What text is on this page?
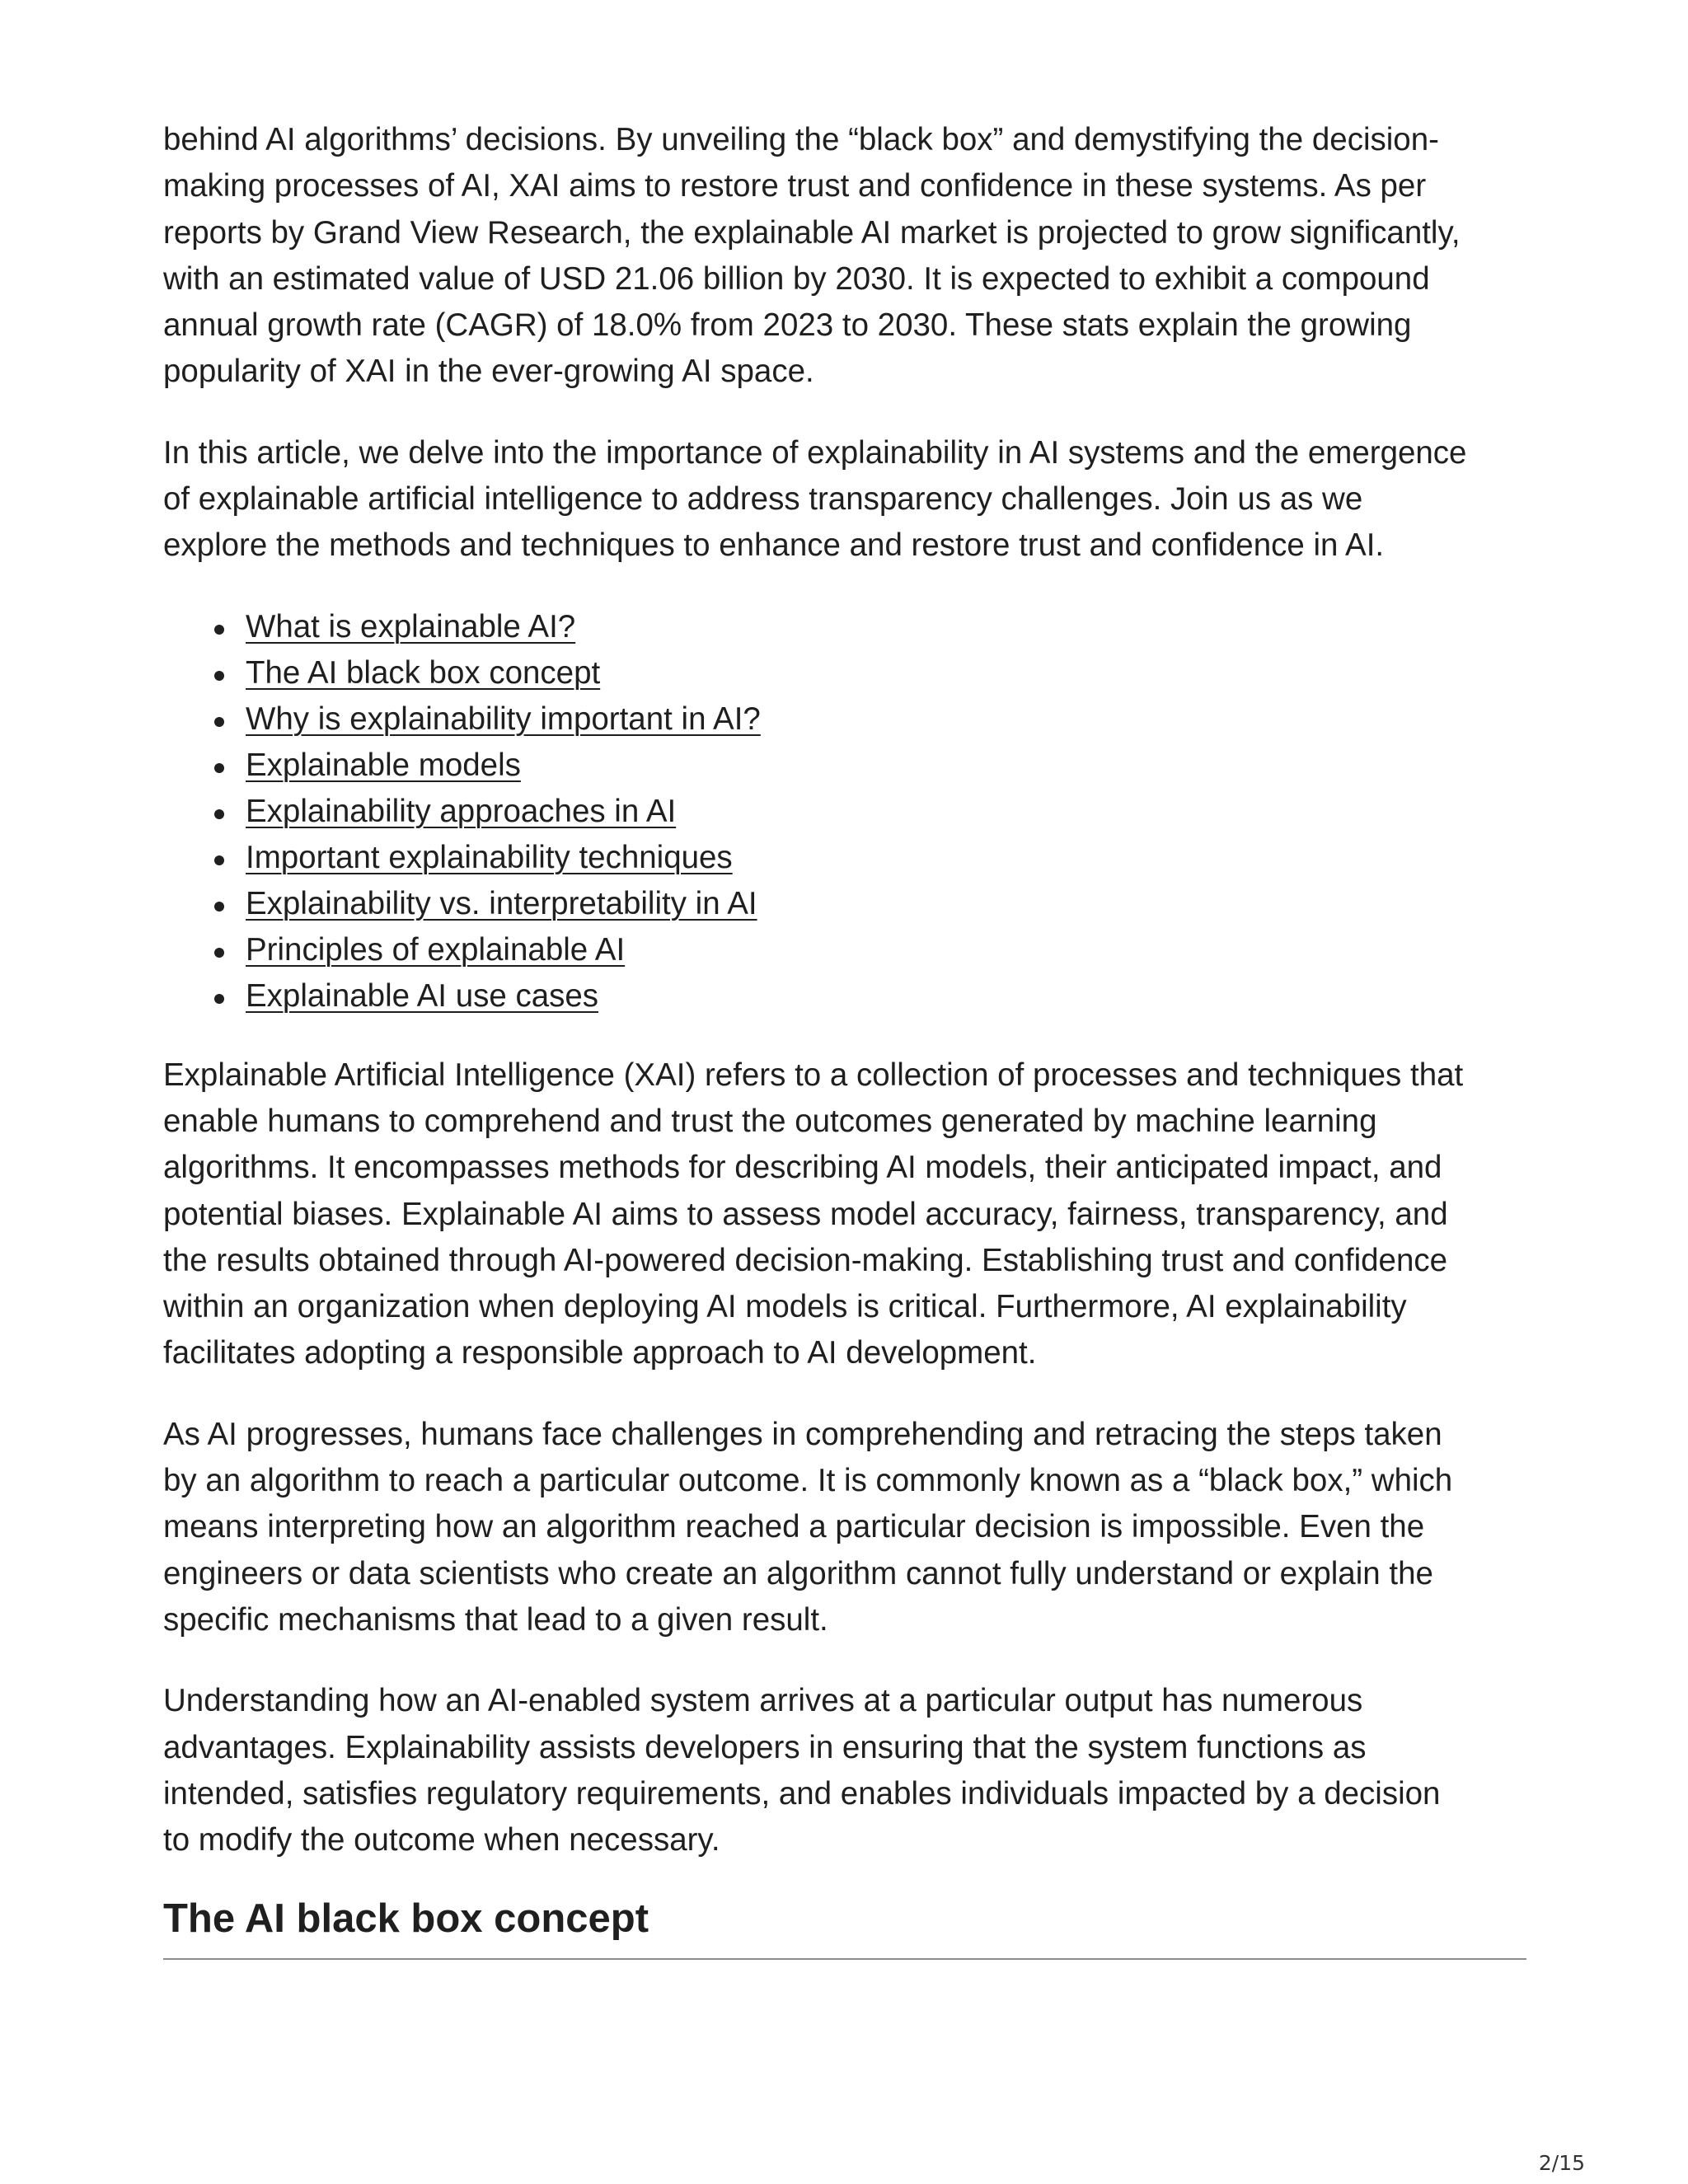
behind AI algorithms’ decisions. By unveiling the “black box” and demystifying the decision-
making processes of AI, XAI aims to restore trust and confidence in these systems. As per
reports by Grand View Research, the explainable AI market is projected to grow significantly,
with an estimated value of USD 21.06 billion by 2030. It is expected to exhibit a compound
annual growth rate (CAGR) of 18.0% from 2023 to 2030. These stats explain the growing
popularity of XAI in the ever-growing AI space.

In this article, we delve into the importance of explainability in AI systems and the emergence
of explainable artificial intelligence to address transparency challenges. Join us as we
explore the methods and techniques to enhance and restore trust and confidence in AI.

What is explainable AI?
The AI black box concept
Why is explainability important in AI?
Explainable models
Explainability approaches in AI
Important explainability techniques
Explainability vs. interpretability in AI
Principles of explainable AI
Explainable AI use cases

Explainable Artificial Intelligence (XAI) refers to a collection of processes and techniques that
enable humans to comprehend and trust the outcomes generated by machine learning
algorithms. It encompasses methods for describing AI models, their anticipated impact, and
potential biases. Explainable AI aims to assess model accuracy, fairness, transparency, and
the results obtained through AI-powered decision-making. Establishing trust and confidence
within an organization when deploying AI models is critical. Furthermore, AI explainability
facilitates adopting a responsible approach to AI development.

As AI progresses, humans face challenges in comprehending and retracing the steps taken
by an algorithm to reach a particular outcome. It is commonly known as a “black box,” which
means interpreting how an algorithm reached a particular decision is impossible. Even the
engineers or data scientists who create an algorithm cannot fully understand or explain the
specific mechanisms that lead to a given result.

Understanding how an AI-enabled system arrives at a particular output has numerous
advantages. Explainability assists developers in ensuring that the system functions as
intended, satisfies regulatory requirements, and enables individuals impacted by a decision
to modify the outcome when necessary.

The AI black box concept
2/15
